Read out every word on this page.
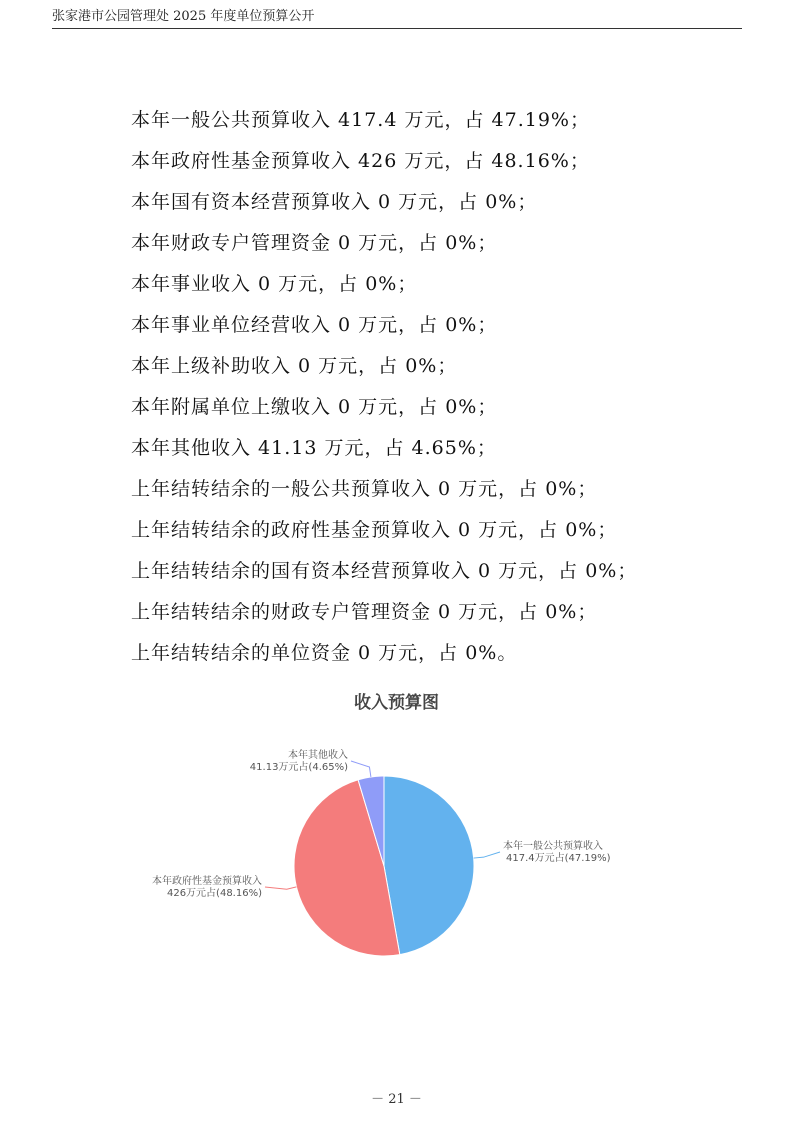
张家港市公园管理处 2025 年度单位预算公开
本年一般公共预算收入 417.4 万元，占 47.19%；
本年政府性基金预算收入 426 万元，占 48.16%；
本年国有资本经营预算收入 0 万元，占 0%；
本年财政专户管理资金 0 万元，占 0%；
本年事业收入 0 万元，占 0%；
本年事业单位经营收入 0 万元，占 0%；
本年上级补助收入 0 万元，占 0%；
本年附属单位上缴收入 0 万元，占 0%；
本年其他收入 41.13 万元，占 4.65%；
上年结转结余的一般公共预算收入 0 万元，占 0%；
上年结转结余的政府性基金预算收入 0 万元，占 0%；
上年结转结余的国有资本经营预算收入 0 万元，占 0%；
上年结转结余的财政专户管理资金 0 万元，占 0%；
上年结转结余的单位资金 0 万元，占 0%。
收入预算图
本年一般公共预算收入
417.4万元占(47.19%)
本年政府性基金预算收入
426万元占(48.16%)
本年其他收入
41.13万元占(4.65%)
－ 21 －
